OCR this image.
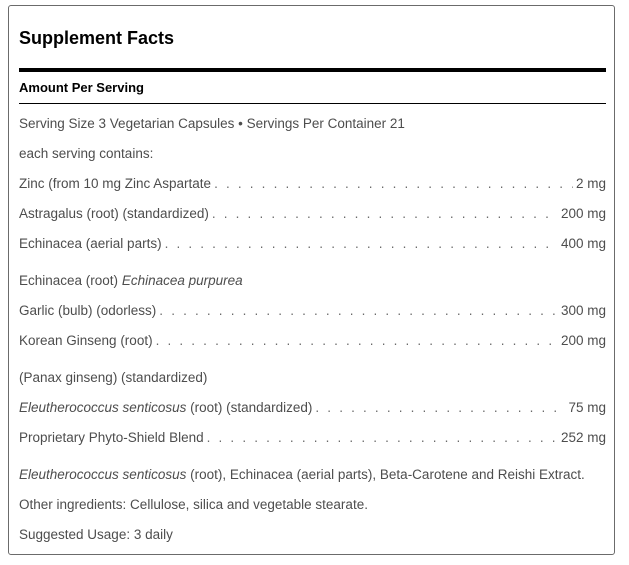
Supplement Facts
Amount Per Serving
Serving Size 3 Vegetarian Capsules • Servings Per Container 21
each serving contains:
Zinc (from 10 mg Zinc Aspartate . . .	2 mg
Astragalus (root) (standardized) . . .	200 mg
Echinacea (aerial parts) . . .	400 mg
Echinacea (root) Echinacea purpurea
Garlic (bulb) (odorless) . . .	300 mg
Korean Ginseng (root) . . .	200 mg
(Panax ginseng) (standardized)
Eleutherococcus senticosus (root) (standardized) . . .	75 mg
Proprietary Phyto-Shield Blend . . .	252 mg
Eleutherococcus senticosus (root), Echinacea (aerial parts), Beta-Carotene and Reishi Extract.
Other ingredients: Cellulose, silica and vegetable stearate.
Suggested Usage: 3 daily
